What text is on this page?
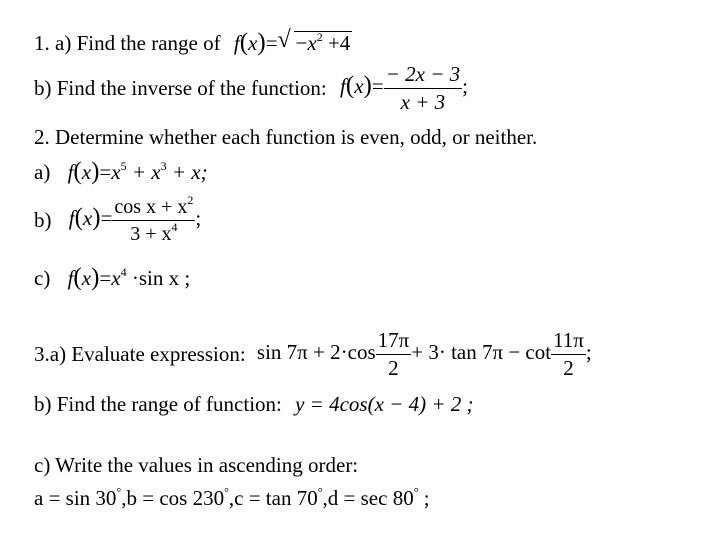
1. a) Find the range of f(x)= √ $-x^2 +4$
b) Find the inverse of the function: $f(x)= \frac{- 2x - 3}{x + 3}$ ;
2. Determine whether each function is even, odd, or neither.
a) $f(x)=x^5 + x^3 + x$;
b) $f(x)= \frac{\cos x + x^2}{3 + x^4}$ ;
c) $f(x)=x^4 \cdot\sin$ x ;
3.a) Evaluate expression: $\sin 7\pi + 2\cdot\cos \frac{17\pi}{2} + 3\cdot \tan 7\pi - \cot \frac{11\pi}{2}$ ;
b) Find the range of function: y = 4cos(x − 4) + 2 ;
c) Write the values in ascending order:
a = sin 30°,b = cos 230°,c = tan 70°,d = sec 80° ;
